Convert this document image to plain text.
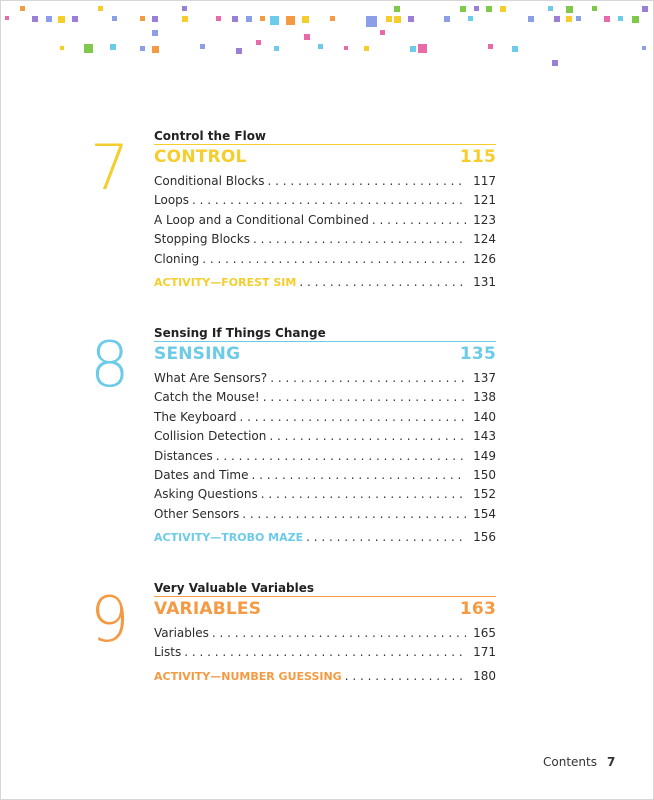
7 Control the Flow
CONTROL	115
Conditional Blocks . . .	117
Loops . . .	121
A Loop and a Conditional Combined . . .	123
Stopping Blocks . . .	124
Cloning . . .	126
ACTIVITY—FOREST SIM . . .	131
8 Sensing If Things Change
SENSING	135
What Are Sensors? . . .	137
Catch the Mouse! . . .	138
The Keyboard . . .	140
Collision Detection . . .	143
Distances . . .	149
Dates and Time . . .	150
Asking Questions . . .	152
Other Sensors . . .	154
ACTIVITY—TROBO MAZE . . .	156
9 Very Valuable Variables
VARIABLES	163
Variables . . .	165
Lists . . .	171
ACTIVITY—NUMBER GUESSING . . .	180
Contents 7
